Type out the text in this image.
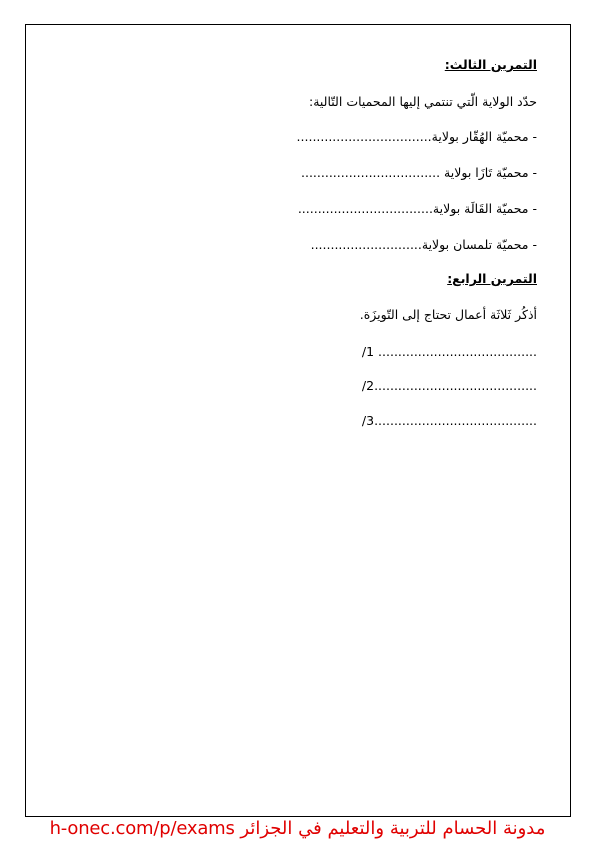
التمرين الثالث:
حدّد الولاية الّتي تنتمي إليها المحميات التّالية:
- محميّة الهُقّار بولاية..................................
- محميّة تَازَا بولاية ...................................
- محميّة القَالَة بولاية..................................
- محميّة تلمسان بولاية............................
التمرين الرابع:
أذكُر ثَلاثَة أعمال تحتاج إلى التّويزَة.
/1 ........................................
/2.........................................
/3.........................................
مدونة الحسام للتربية والتعليم في الجزائر h-onec.com/p/exams
